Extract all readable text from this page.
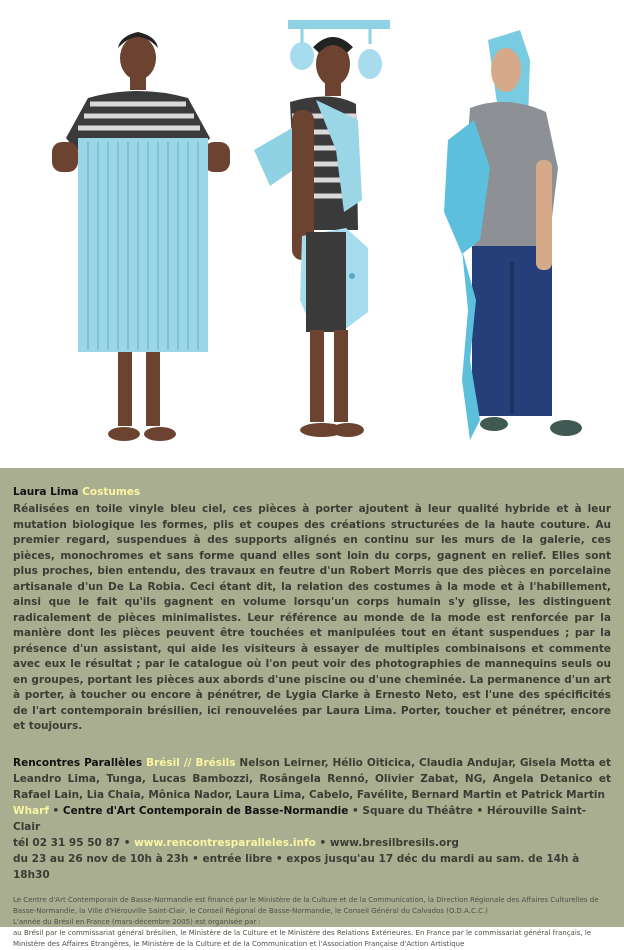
Laura Lima Costumes

Réalisées en toile vinyle bleu ciel, ces pièces à porter ajoutent à leur qualité hybride et à leur mutation biologique les formes, plis et coupes des créations structurées de la haute couture. Au premier regard, suspendues à des supports alignés en continu sur les murs de la galerie, ces pièces, monochromes et sans forme quand elles sont loin du corps, gagnent en relief. Elles sont plus proches, bien entendu, des travaux en feutre d'un Robert Morris que des pièces en porcelaine artisanale d'un De La Robia. Ceci étant dit, la relation des costumes à la mode et à l'habillement, ainsi que le fait qu'ils gagnent en volume lorsqu'un corps humain s'y glisse, les distinguent radicalement de pièces minimalistes. Leur référence au monde de la mode est renforcée par la manière dont les pièces peuvent être touchées et manipulées tout en étant suspendues ; par la présence d'un assistant, qui aide les visiteurs à essayer de multiples combinaisons et commente avec eux le résultat ; par le catalogue où l'on peut voir des photographies de mannequins seuls ou en groupes, portant les pièces aux abords d'une piscine ou d'une cheminée. La permanence d'un art à porter, à toucher ou encore à pénétrer, de Lygia Clarke à Ernesto Neto, est l'une des spécificités de l'art contemporain brésilien, ici renouvelées par Laura Lima. Porter, toucher et pénétrer, encore et toujours.

Rencontres Parallèles Brésil // Brésils Nelson Leirner, Hélio Oiticica, Claudia Andujar, Gisela Motta et Leandro Lima, Tunga, Lucas Bambozzi, Rosângela Rennó, Olivier Zabat, NG, Angela Detanico et Rafael Lain, Lia Chaia, Mônica Nador, Laura Lima, Cabelo, Favélite, Bernard Martin et Patrick Martin

Wharf • Centre d'Art Contemporain de Basse-Normandie • Square du Théâtre • Hérouville Saint-Clair

tél 02 31 95 50 87 • www.rencontresparalleles.info • www.bresilbresils.org

du 23 au 26 nov de 10h à 23h • entrée libre • expos jusqu'au 17 déc du mardi au sam. de 14h à 18h30

Le Centre d'Art Contemporain de Basse-Normandie est financé par le Ministère de la Culture et de la Communication, la Direction Régionale des Affaires Culturelles de Basse-Normandie, la Ville d'Hérouville Saint-Clair, le Conseil Régional de Basse-Normandie, le Conseil Général du Calvados (O.D.A.C.C.)

L'année du Brésil en France (mars-décembre 2005) est organisée par :

au Brésil par le commissariat général brésilien, le Ministère de la Culture et le Ministère des Relations Extérieures. En France par le commissariat général français, le Ministère des Affaires Étrangères, le Ministère de la Culture et de la Communication et l'Association Française d'Action Artistique
